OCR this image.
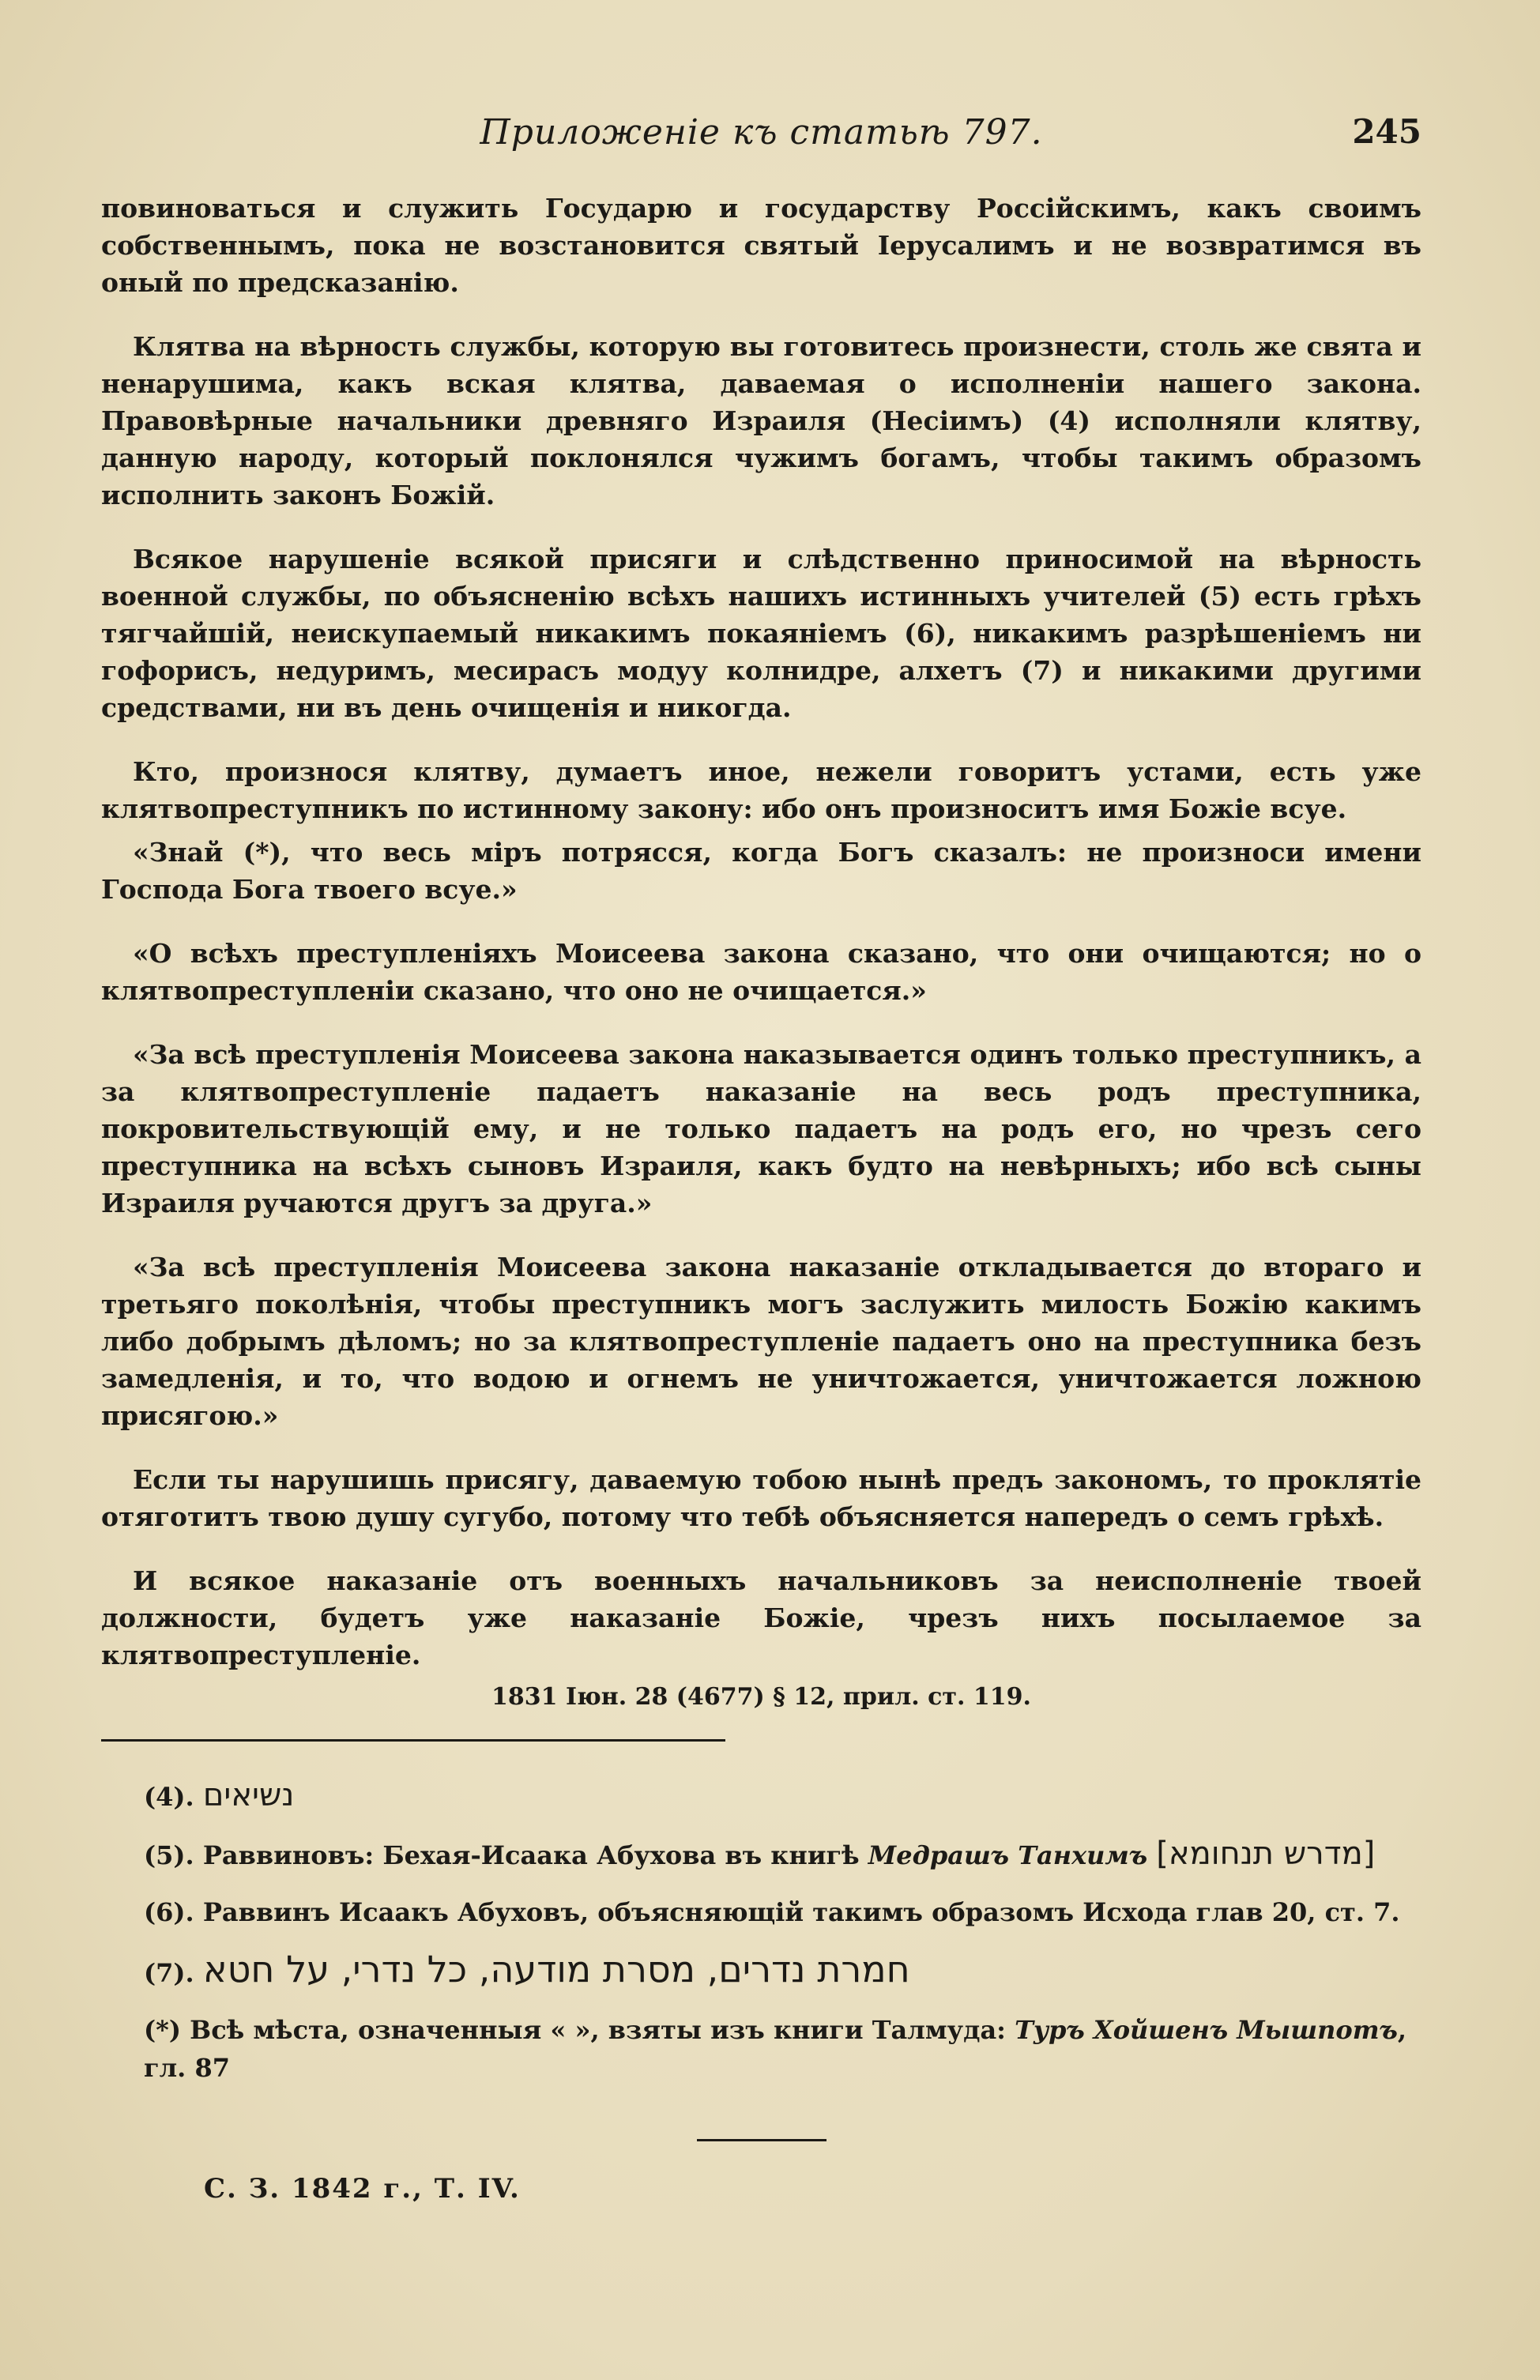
Приложеніе къ статьѣ 797.	245

повиноваться и служить Государю и государству Россійскимъ, какъ своимъ собственнымъ, пока не возстановится святый Іерусалимъ и не возвратимся въ оный по предсказанію.

Клятва на вѣрность службы, которую вы готовитесь произнести, столь же свята и ненарушима, какъ вская клятва, даваемая о исполненіи нашего закона. Правовѣрные начальники древняго Израиля (Несіимъ) (4) исполняли клятву, данную народу, который поклонялся чужимъ богамъ, чтобы такимъ образомъ исполнить законъ Божій.

Всякое нарушеніе всякой присяги и слѣдственно приносимой на вѣрность военной службы, по объясненію всѣхъ нашихъ истинныхъ учителей (5) есть грѣхъ тягчайшій, неискупаемый никакимъ покаяніемъ (6), никакимъ разрѣшеніемъ ни гофорисъ, недуримъ, месирасъ модуу колнидре, алхетъ (7) и никакими другими средствами, ни въ день очищенія и никогда.

Кто, произнося клятву, думаетъ иное, нежели говоритъ устами, есть уже клятвопреступникъ по истинному закону: ибо онъ произноситъ имя Божіе всуе.

«Знай (*), что весь міръ потрясся, когда Богъ сказалъ: не произноси имени Господа Бога твоего всуе.»

«О всѣхъ преступленіяхъ Моисеева закона сказано, что они очищаются; но о клятвопреступленіи сказано, что оно не очищается.»

«За всѣ преступленія Моисеева закона наказывается одинъ только преступникъ, а за клятвопреступленіе падаетъ наказаніе на весь родъ преступника, покровительствующій ему, и не только падаетъ на родъ его, но чрезъ сего преступника на всѣхъ сыновъ Израиля, какъ будто на невѣрныхъ; ибо всѣ сыны Израиля ручаются другъ за друга.»

«За всѣ преступленія Моисеева закона наказаніе откладывается до втораго и третьяго поколѣнія, чтобы преступникъ могъ заслужить милость Божію какимъ либо добрымъ дѣломъ; но за клятвопреступленіе падаетъ оно на преступника безъ замедленія, и то, что водою и огнемъ не уничтожается, уничтожается ложною присягою.»

Если ты нарушишь присягу, даваемую тобою нынѣ предъ закономъ, то проклятіе отяготитъ твою душу сугубо, потому что тебѣ объясняется напередъ о семъ грѣхѣ.

И всякое наказаніе отъ военныхъ начальниковъ за неисполненіе твоей должности, будетъ уже наказаніе Божіе, чрезъ нихъ посылаемое за клятвопреступленіе.

1831 Іюн. 28 (4677) § 12, прил. ст. 119.
(4). נשיאים
(5). Раввиновъ: Бехая-Исаака Абухова въ книгѣ Медрашъ Танхимъ [מדרש תנחומא]
(6). Раввинъ Исаакъ Абуховъ, объясняющій такимъ образомъ Исхода глав 20, ст. 7.
(7). חמרת נדרים, מסרת מודעה, כל נדרי, על חטא
(*) Всѣ мѣста, означенныя « », взяты изъ книги Талмуда: Туръ Хойшенъ Мышпотъ, гл. 87
С. З. 1842 г., Т. IV.
